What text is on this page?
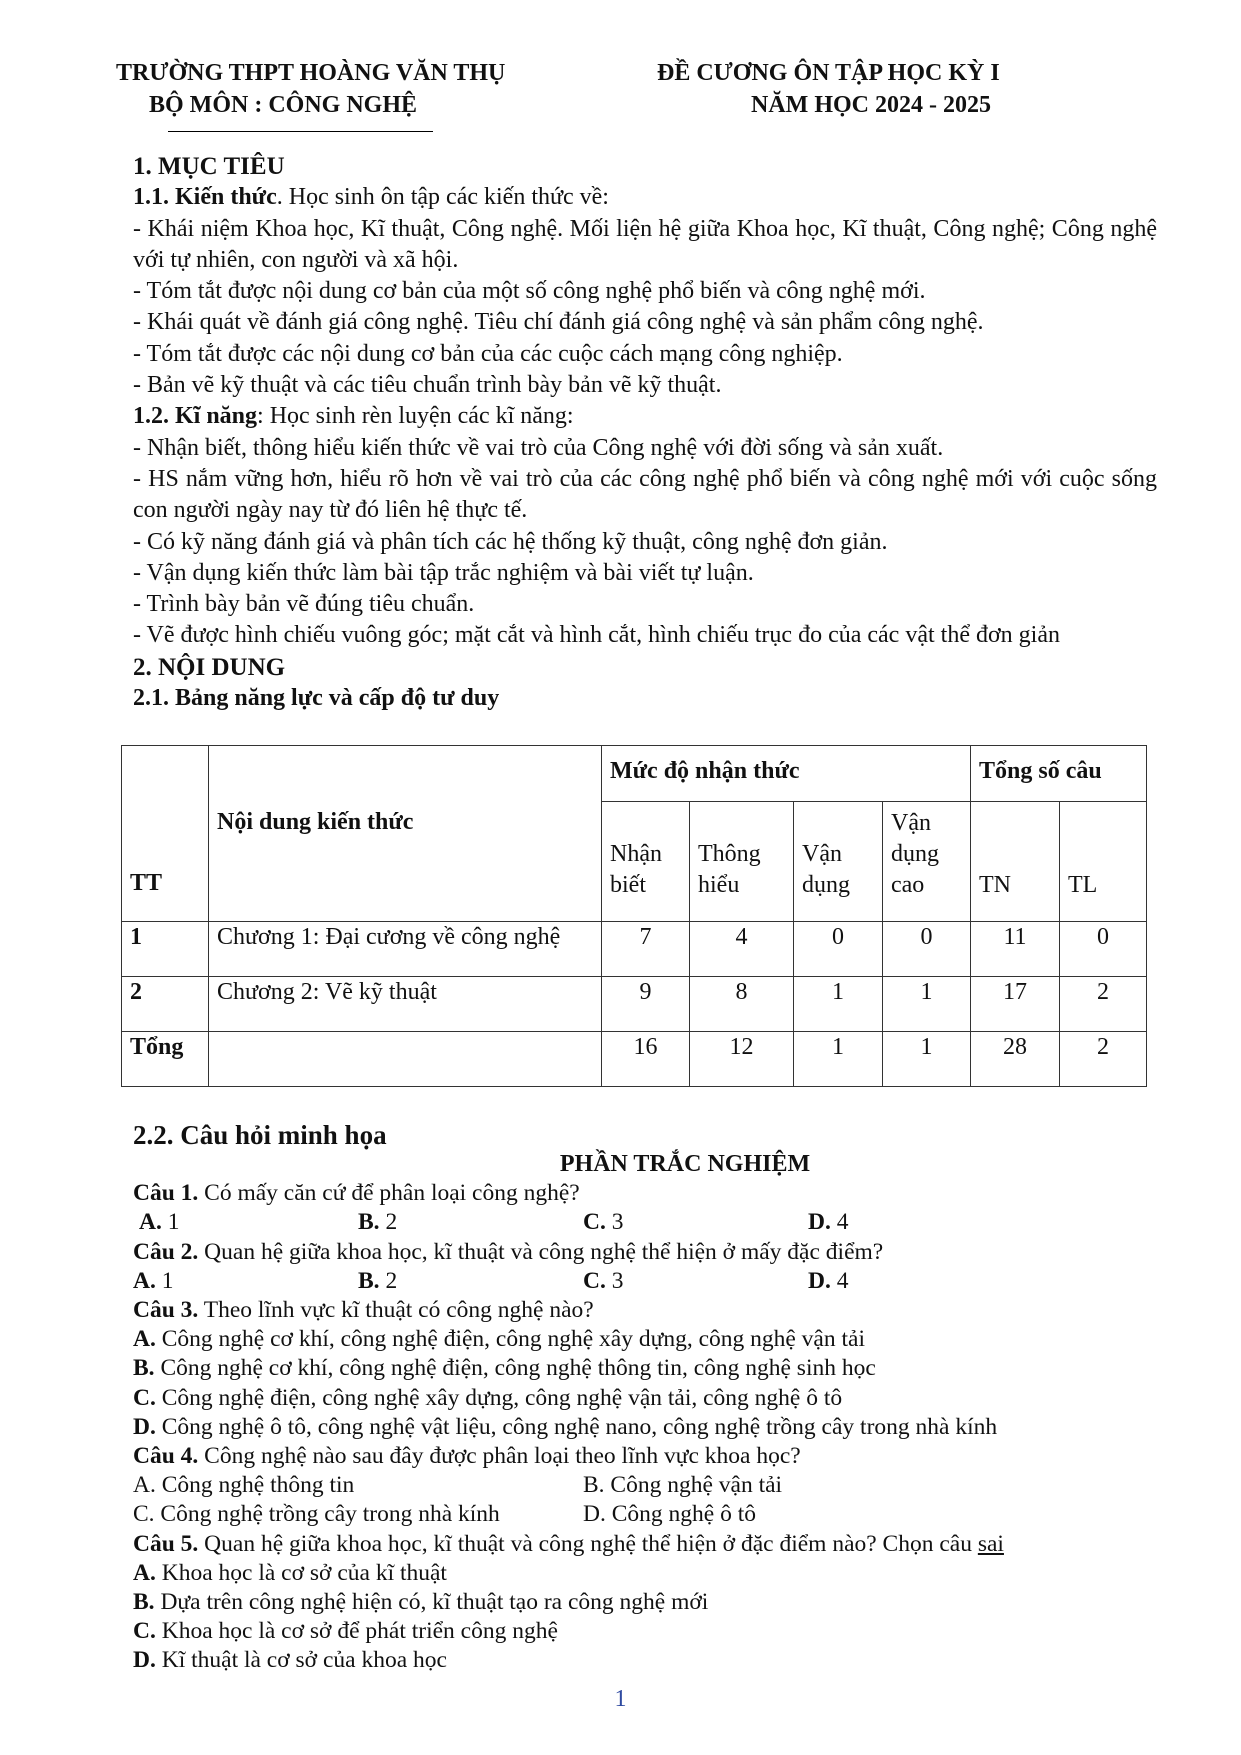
TRƯỜNG THPT HOÀNG VĂN THỤ
BỘ MÔN : CÔNG NGHỆ
ĐỀ CƯƠNG ÔN TẬP HỌC KỲ I
NĂM HỌC 2024 - 2025

1. MỤC TIÊU

1.1. Kiến thức. Học sinh ôn tập các kiến thức về:

- Khái niệm Khoa học, Kĩ thuật, Công nghệ. Mối liện hệ giữa Khoa học, Kĩ thuật, Công nghệ; Công nghệ với tự nhiên, con người và xã hội.

- Tóm tắt được nội dung cơ bản của một số công nghệ phổ biến và công nghệ mới.

- Khái quát về đánh giá công nghệ. Tiêu chí đánh giá công nghệ và sản phẩm công nghệ.

- Tóm tắt được các nội dung cơ bản của các cuộc cách mạng công nghiệp.

- Bản vẽ kỹ thuật và các tiêu chuẩn trình bày bản vẽ kỹ thuật.

1.2. Kĩ năng: Học sinh rèn luyện các kĩ năng:

- Nhận biết, thông hiểu kiến thức về vai trò của Công nghệ với đời sống và sản xuất.

- HS nắm vững hơn, hiểu rõ hơn về vai trò của các công nghệ phổ biến và công nghệ mới với cuộc sống con người ngày nay từ đó liên hệ thực tế.

- Có kỹ năng đánh giá và phân tích các hệ thống kỹ thuật, công nghệ đơn giản.

- Vận dụng kiến thức làm bài tập trắc nghiệm và bài viết tự luận.

- Trình bày bản vẽ đúng tiêu chuẩn.

- Vẽ được hình chiếu vuông góc; mặt cắt và hình cắt, hình chiếu trục đo của các vật thể đơn giản

2. NỘI DUNG

2.1. Bảng năng lực và cấp độ tư duy

TT	Nội dung kiến thức	Mức độ nhận thức				Tổng số câu	
		Nhận biết	Thông hiểu	Vận dụng	Vận dụng cao	TN	TL
1	Chương 1: Đại cương về công nghệ	7	4	0	0	11	0
2	Chương 2: Vẽ kỹ thuật	9	8	1	1	17	2
Tổng		16	12	1	1	28	2
2.2. Câu hỏi minh họa

PHẦN TRẮC NGHIỆM

Câu 1. Có mấy căn cứ để phân loại công nghệ?

A. 1	B. 2	C. 3	D. 4

Câu 2. Quan hệ giữa khoa học, kĩ thuật và công nghệ thể hiện ở mấy đặc điểm?

A. 1	B. 2	C. 3	D. 4

Câu 3. Theo lĩnh vực kĩ thuật có công nghệ nào?

A. Công nghệ cơ khí, công nghệ điện, công nghệ xây dựng, công nghệ vận tải

B. Công nghệ cơ khí, công nghệ điện, công nghệ thông tin, công nghệ sinh học

C. Công nghệ điện, công nghệ xây dựng, công nghệ vận tải, công nghệ ô tô

D. Công nghệ ô tô, công nghệ vật liệu, công nghệ nano, công nghệ trồng cây trong nhà kính

Câu 4. Công nghệ nào sau đây được phân loại theo lĩnh vực khoa học?

A. Công nghệ thông tin	B. Công nghệ vận tải
C. Công nghệ trồng cây trong nhà kính	D. Công nghệ ô tô

Câu 5. Quan hệ giữa khoa học, kĩ thuật và công nghệ thể hiện ở đặc điểm nào? Chọn câu sai

A. Khoa học là cơ sở của kĩ thuật

B. Dựa trên công nghệ hiện có, kĩ thuật tạo ra công nghệ mới

C. Khoa học là cơ sở để phát triển công nghệ

D. Kĩ thuật là cơ sở của khoa học

1
